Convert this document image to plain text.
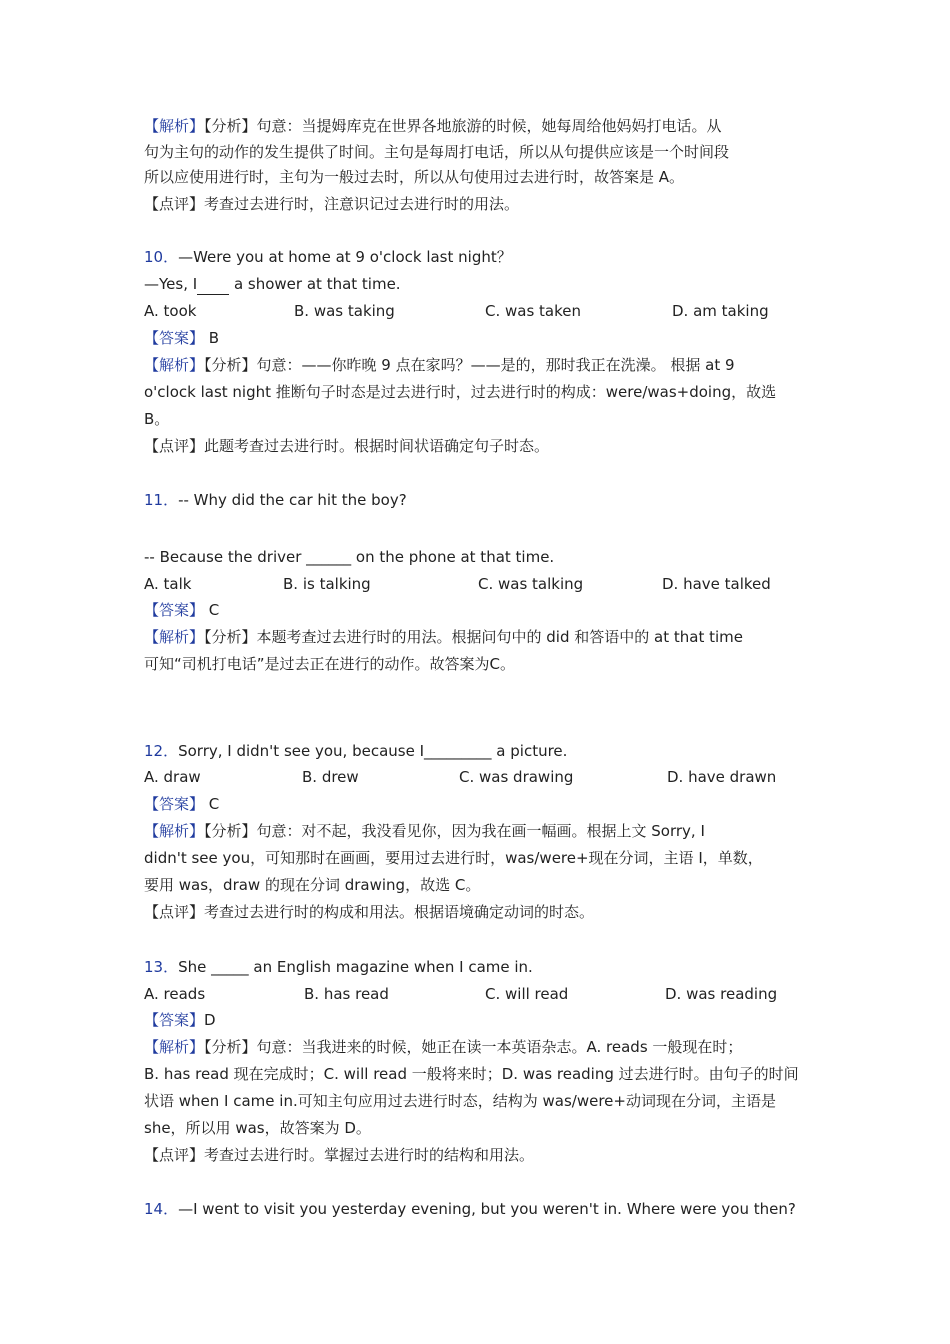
【解析】【分析】句意：当提姆库克在世界各地旅游的时候，她每周给他妈妈打电话。从
句为主句的动作的发生提供了时间。主句是每周打电话，所以从句提供应该是一个时间段
所以应使用进行时，主句为一般过去时，所以从句使用过去进行时，故答案是 A。
【点评】考查过去进行时，注意识记过去进行时的用法。
10．—Were you at home at 9 o'clock last night？
—Yes, I  a shower at that time.
A. took	B. was taking	C. was taken	D. am taking
【答案】 B
【解析】【分析】句意：——你昨晚 9 点在家吗？——是的，那时我正在洗澡。 根据 at 9
o'clock last night 推断句子时态是过去进行时，过去进行时的构成：were/was+doing，故选
B。
【点评】此题考查过去进行时。根据时间状语确定句子时态。
11．-- Why did the car hit the boy?
-- Because the driver ______ on the phone at that time.
A. talk	B. is talking	C. was talking	D. have talked
【答案】 C
【解析】【分析】本题考查过去进行时的用法。根据问句中的 did 和答语中的 at that time
可知“司机打电话”是过去正在进行的动作。故答案为C。
12．Sorry, I didn't see you, because I_________ a picture.
A. draw	B. drew	C. was drawing	D. have drawn
【答案】 C
【解析】【分析】句意：对不起，我没看见你，因为我在画一幅画。根据上文 Sorry, I
didn't see you，可知那时在画画，要用过去进行时，was/were+现在分词，主语 I，单数，
要用 was，draw 的现在分词 drawing，故选 C。
【点评】考查过去进行时的构成和用法。根据语境确定动词的时态。
13．She _____ an English magazine when I came in.
A. reads	B. has read	C. will read	D. was reading
【答案】D
【解析】【分析】句意：当我进来的时候，她正在读一本英语杂志。A. reads 一般现在时；
B. has read 现在完成时；C. will read 一般将来时；D. was reading 过去进行时。由句子的时间
状语 when I came in.可知主句应用过去进行时态，结构为 was/were+动词现在分词，主语是
she，所以用 was，故答案为 D。
【点评】考查过去进行时。掌握过去进行时的结构和用法。
14．—I went to visit you yesterday evening, but you weren't in. Where were you then?
